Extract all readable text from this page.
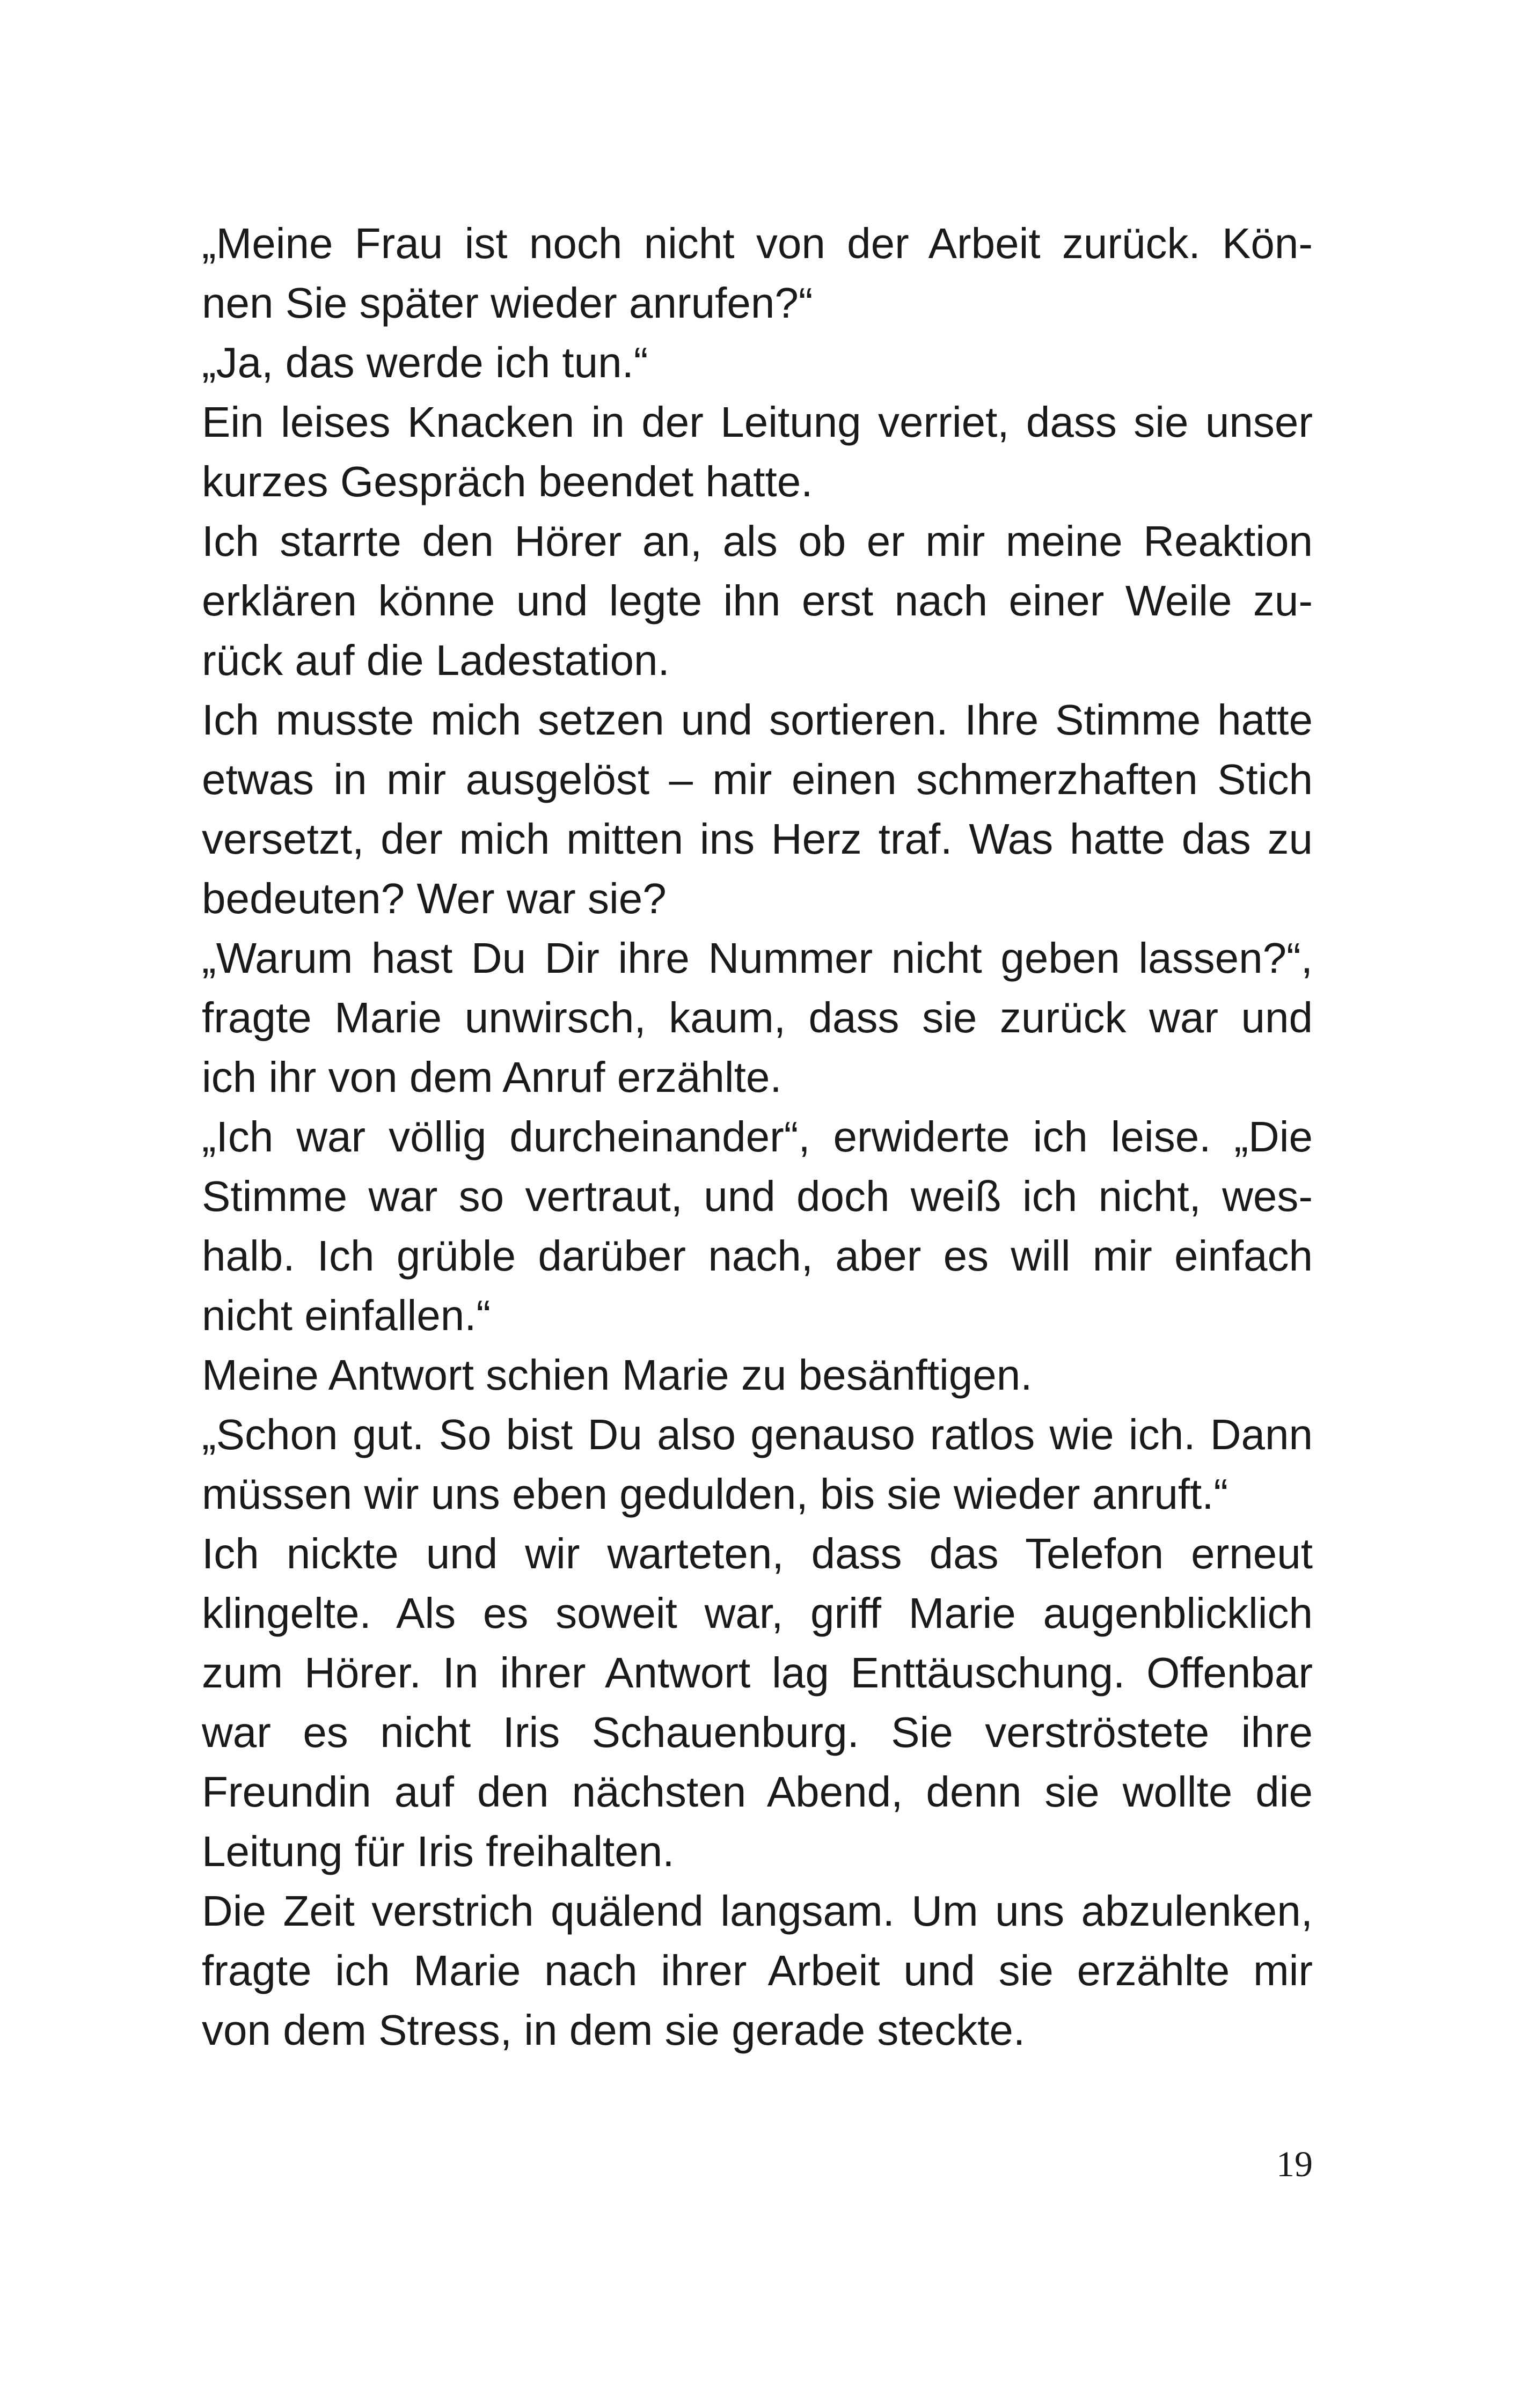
„Meine Frau ist noch nicht von der Arbeit zurück. Kön-
nen Sie später wieder anrufen?“
„Ja, das werde ich tun.“
Ein leises Knacken in der Leitung verriet, dass sie unser
kurzes Gespräch beendet hatte.
Ich starrte den Hörer an, als ob er mir meine Reaktion
erklären könne und legte ihn erst nach einer Weile zu-
rück auf die Ladestation.
Ich musste mich setzen und sortieren. Ihre Stimme hatte
etwas in mir ausgelöst – mir einen schmerzhaften Stich
versetzt, der mich mitten ins Herz traf. Was hatte das zu
bedeuten? Wer war sie?
„Warum hast Du Dir ihre Nummer nicht geben lassen?“,
fragte Marie unwirsch, kaum, dass sie zurück war und
ich ihr von dem Anruf erzählte.
„Ich war völlig durcheinander“, erwiderte ich leise. „Die
Stimme war so vertraut, und doch weiß ich nicht, wes-
halb. Ich grüble darüber nach, aber es will mir einfach
nicht einfallen.“
Meine Antwort schien Marie zu besänftigen.
„Schon gut. So bist Du also genauso ratlos wie ich. Dann
müssen wir uns eben gedulden, bis sie wieder anruft.“
Ich nickte und wir warteten, dass das Telefon erneut
klingelte. Als es soweit war, griff Marie augenblicklich
zum Hörer. In ihrer Antwort lag Enttäuschung. Offenbar
war es nicht Iris Schauenburg. Sie verströstete ihre
Freundin auf den nächsten Abend, denn sie wollte die
Leitung für Iris freihalten.
Die Zeit verstrich quälend langsam. Um uns abzulenken,
fragte ich Marie nach ihrer Arbeit und sie erzählte mir
von dem Stress, in dem sie gerade steckte.
19
